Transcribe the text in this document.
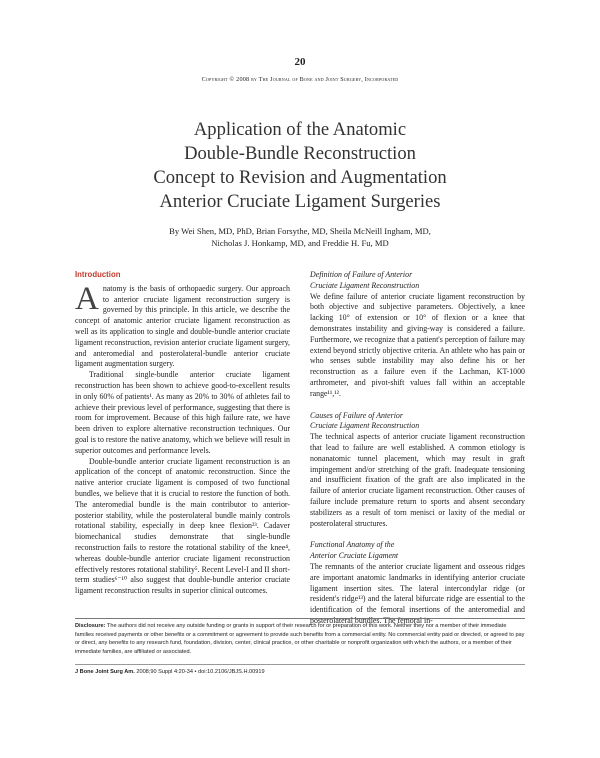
20
Copyright © 2008 by The Journal of Bone and Joint Surgery, Incorporated
Application of the Anatomic
Double-Bundle Reconstruction
Concept to Revision and Augmentation
Anterior Cruciate Ligament Surgeries
By Wei Shen, MD, PhD, Brian Forsythe, MD, Sheila McNeill Ingham, MD,
Nicholas J. Honkamp, MD, and Freddie H. Fu, MD
Introduction

Anatomy is the basis of orthopaedic surgery. Our approach to anterior cruciate ligament reconstruction surgery is governed by this principle. In this article, we describe the concept of anatomic anterior cruciate ligament reconstruction as well as its application to single and double-bundle anterior cruciate ligament reconstruction, revision anterior cruciate ligament surgery, and anteromedial and posterolateral-bundle anterior cruciate ligament augmentation surgery.

Traditional single-bundle anterior cruciate ligament reconstruction has been shown to achieve good-to-excellent results in only 60% of patients¹. As many as 20% to 30% of athletes fail to achieve their previous level of performance, suggesting that there is room for improvement. Because of this high failure rate, we have been driven to explore alternative reconstruction techniques. Our goal is to restore the native anatomy, which we believe will result in superior outcomes and performance levels.

Double-bundle anterior cruciate ligament reconstruction is an application of the concept of anatomic reconstruction. Since the native anterior cruciate ligament is composed of two functional bundles, we believe that it is crucial to restore the function of both. The anteromedial bundle is the main contributor to anterior-posterior stability, while the posterolateral bundle mainly controls rotational stability, especially in deep knee flexion²³. Cadaver biomechanical studies demonstrate that single-bundle reconstruction fails to restore the rotational stability of the knee⁴, whereas double-bundle anterior cruciate ligament reconstruction effectively restores rotational stability⁵. Recent Level-I and II short-term studies⁶⁻¹⁰ also suggest that double-bundle anterior cruciate ligament reconstruction results in superior clinical outcomes.

Definition of Failure of Anterior
Cruciate Ligament Reconstruction

We define failure of anterior cruciate ligament reconstruction by both objective and subjective parameters. Objectively, a knee lacking 10° of extension or 10° of flexion or a knee that demonstrates instability and giving-way is considered a failure. Furthermore, we recognize that a patient's perception of failure may extend beyond strictly objective criteria. An athlete who has pain or who senses subtle instability may also define his or her reconstruction as a failure even if the Lachman, KT-1000 arthrometer, and pivot-shift values fall within an acceptable range¹¹,¹².

Causes of Failure of Anterior
Cruciate Ligament Reconstruction

The technical aspects of anterior cruciate ligament reconstruction that lead to failure are well established. A common etiology is nonanatomic tunnel placement, which may result in graft impingement and/or stretching of the graft. Inadequate tensioning and insufficient fixation of the graft are also implicated in the failure of anterior cruciate ligament reconstruction. Other causes of failure include premature return to sports and absent secondary stabilizers as a result of torn menisci or laxity of the medial or posterolateral structures.

Functional Anatomy of the
Anterior Cruciate Ligament

The remnants of the anterior cruciate ligament and osseous ridges are important anatomic landmarks in identifying anterior cruciate ligament insertion sites. The lateral intercondylar ridge (or resident's ridge¹³) and the lateral bifurcate ridge are essential to the identification of the femoral insertions of the anteromedial and posterolateral bundles. The femoral in-

Disclosure: The authors did not receive any outside funding or grants in support of their research for or preparation of this work. Neither they nor a member of their immediate families received payments or other benefits or a commitment or agreement to provide such benefits from a commercial entity. No commercial entity paid or directed, or agreed to pay or direct, any benefits to any research fund, foundation, division, center, clinical practice, or other charitable or nonprofit organization with which the authors, or a member of their immediate families, are affiliated or associated.
J Bone Joint Surg Am. 2008;90 Suppl 4:20-34 • doi:10.2106/JBJS.H.00919
